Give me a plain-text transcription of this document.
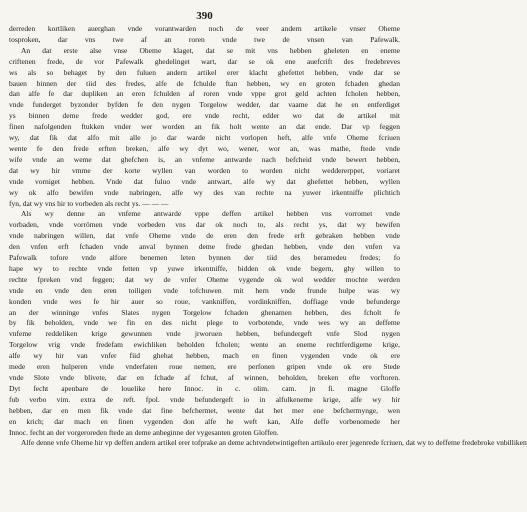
390

derreden kortliken auerghan vnde vorantwarden noch de veer andern artikele vnser Oheme
tosproken, dar vns twe af an roren vnde twe de vnsen van Pafewalk.
An dat erste alse vnse Oheme klaget, dat se mit vns hebben gheleten en eneme
criftenen frede, de vor Pafewalk ghedelinget wart, dar se ok ene auefcrift des fredebreves
ws als so behaget by den fuluen andern artikel erer klacht ghefettet hebben, vnde dar se
bauen binnen der tiid des fredes, alfe de fchulde ftan hebben, wy en groten fchaden ghedan
dan alfe fe dar dupliken an eren fchulden af roren vnde vppe grot geld achten fcholen hebben,
vnde funderget byzonder byfden fe den nygen Torgelow wedder, dar vaame dat he en entferdiget
ys binnen deme frede wedder god, ere vnde recht, edder wo dat de artikel mit
finen nafolgenden ftukken vnder wer worden an fik holt wente an dat ende. Dar vp feggen
wy, dat fik dat alfo mit alle jo dar warde nicht vorlopen heft, alfe vnfe Oheme fcriuen
wente fe den frede erften breken, alfe wy dyt wo, wener, wor an, was mathe, ftede vnde
wife vnde an weme dat ghefchen is, an vnfeme antwarde nach befcheid vnde bewert hebben,
dat wy hir vmme der korte wyllen van worden to worden nicht weddererppet, voriaret
vnde vorniget hebben. Vnde dat fuluo vnde antwart, alfe wy dat ghefettet hebben, wyllen
wy ok alfo bewifen vnde nabringen, alfe wy des van rechte na yuwer irkentniffe plichtich
fyn, dat wy vns hir to vorbeden als recht ys. — — —

Als wy denne an vnfeme antwarde vppe deffen artikel hebben vns vorromet vnde
vorbaden, vnde vorrömen vnde vorbeden vns dar ok noch to, als recht ys, dat wy bewifen
vnde nabringen willen, dat vnfe Oheme vnde de eren den frede erft gebraken hebben vnde
den vnfen erft fchaden vnde anval bynnen deme frede ghedan hebben, vnde den vnfen va
Pafewalk tofore vnde alfore benemen leten bynnen der tiid des beramedeu fredes; fo
hape wy to rechte vnde fetten vp yuwe irkentniffe, bidden ok vnde begern, ghy willen to
rechte fpreken vnd feggen; dat wy de vnfer Oheme vygende ok wol wedder mochte werden
vnde en vnde den eren toiligen vnde tofchuwen mit hern vnde frunde hulpe was wy
konden vnde wes fe hir auer so roue, vankniffen, vordinkniffen, doffiage vnde befunderge
an der winninge vnfes Slates nygen Torgelow fchaden ghenamen hebben, des fcholt fe
by fik beholden, vnde we fin en des nicht plege to vorbotende, vnde wes wy an deffeme
vnfeme reddeliken krige gewunnen vnde jrworuen hebben, befundergeft vnfe Slod nygen
Torgelow vrig vnde fredefam ewichliken beholden fcholen; wente an eneme rechtferdigeme krige,
alfe wy hir van vnfer fiid ghehat hebben, mach en finen vygenden vnde ok ere
mede eren hulperen vnde vnderfaten roue nemen, ere perfonen gripen vnde ok ere Stede
vnde Slote vnde blivete, dar en fchade af fchut, af winnen, beholden, breken efte vorftoren.
Dyt fecht apenbare de louelike here Innoc. in c. olim. cam. jn fi. magne Gloffe
fub verbo vim. extra de reft. fpol. vnde befundergeft io in alfulkeneme krige, alfe wy hir
hebben, dar en men fik vnde dat fine befchermet, wente dat het mer ene befchermynge, wen
en krich; dar mach en finen vygenden don alfe he weft kan, Alfe deffe vorbenomede her
Innoc. fecht an der vorgeroreden ftede an deme anbeginne der vygesanten groten Gloffen.

Alfe denne vnfe Oheme hir vp deffen andern artikel erer tofprake an deme achtvndetwintigeften artikulo erer jegenrede fcriuen, dat wy to deffeme fredebroke vnbilliken
